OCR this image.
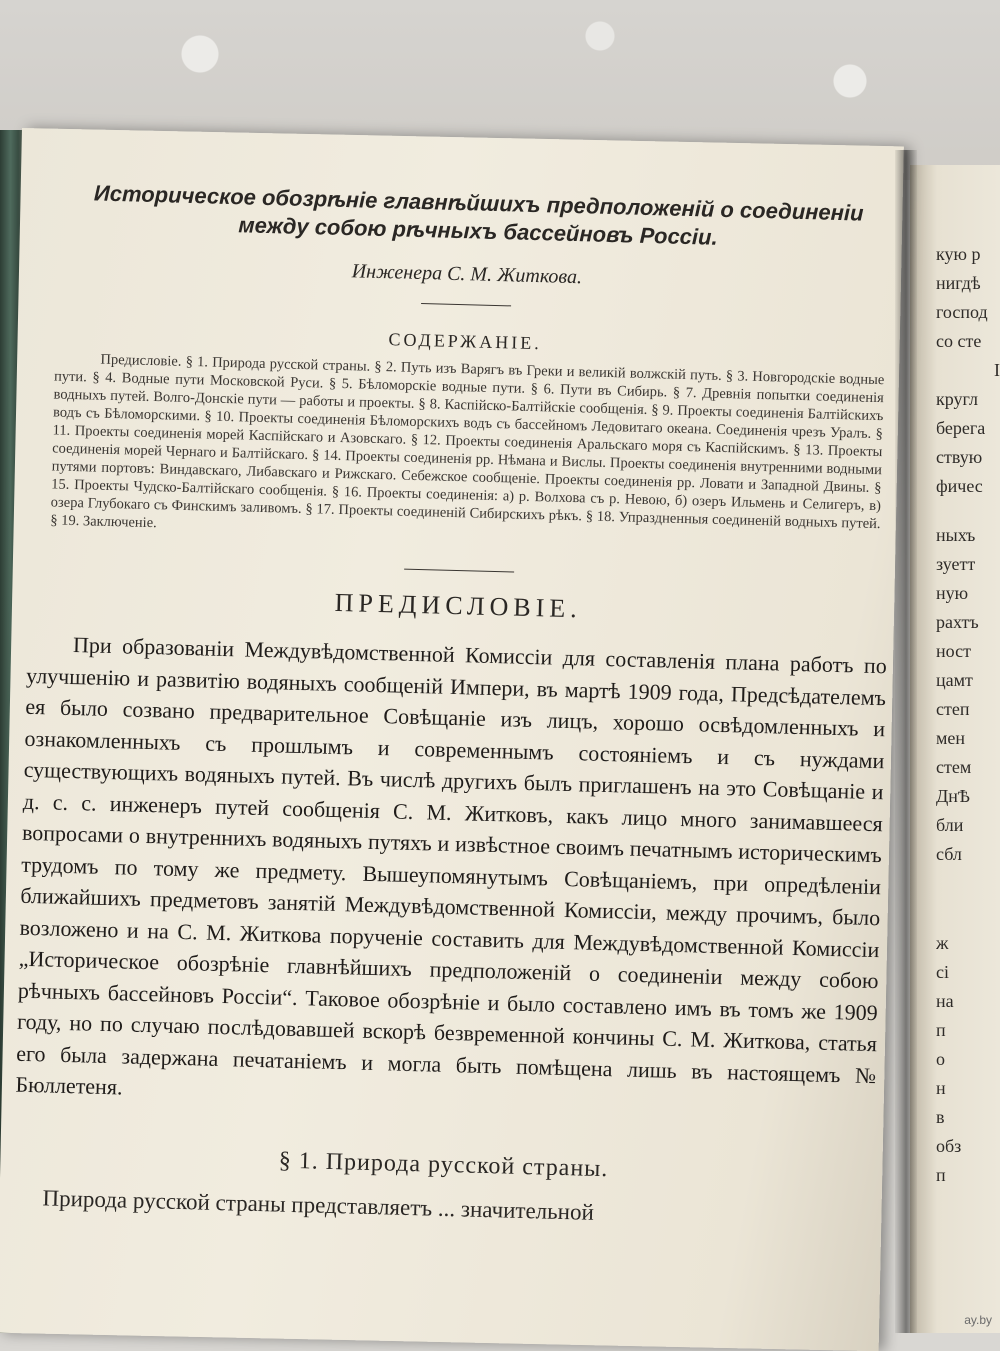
Историческое обозрѣнiе главнѣйшихъ предположенiй о соединенiи между собою рѣчныхъ бассейновъ Россiи.
Инженера С. М. Житкова.
СОДЕРЖАНIЕ.
Предисловiе. § 1. Природа русской страны. § 2. Путь изъ Варягъ въ Греки и великiй волжскiй путь. § 3. Новгородскiе водные пути. § 4. Водные пути Московской Руси. § 5. Бѣломорскiе водные пути. § 6. Пути въ Сибирь. § 7. Древнiя попытки соединенiя водныхъ путей. Волго-Донскiе пути — работы и проекты. § 8. Каспiйско-Балтiйскiе сообщенiя. § 9. Проекты соединенiя Балтiйскихъ водъ съ Бѣломорскими. § 10. Проекты соединенiя Бѣломорскихъ водъ съ бассейномъ Ледовитаго океана. Соединенiя чрезъ Уралъ. § 11. Проекты соединенiя морей Каспiйскаго и Азовскаго. § 12. Проекты соединенiя Аральскаго моря съ Каспiйскимъ. § 13. Проекты соединенiя морей Чернаго и Балтiйскаго. § 14. Проекты соединенiя рр. Нѣмана и Вислы. Проекты соединенiя внутренними водными путями портовъ: Виндавскаго, Либавскаго и Рижскаго. Себежское сообщенiе. Проекты соединенiя рр. Ловати и Западной Двины. § 15. Проекты Чудско-Балтiйскаго сообщенiя. § 16. Проекты соединенiя: а) р. Волхова съ р. Невою, б) озеръ Ильмень и Селигеръ, в) озера Глубокаго съ Финскимъ заливомъ. § 17. Проекты соединенiй Сибирскихъ рѣкъ. § 18. Упраздненныя соединенiй водныхъ путей. § 19. Заключенiе.
ПРЕДИСЛОВIЕ.
При образованiи Междувѣдомственной Комиссiи для составленiя плана работъ по улучшенiю и развитiю водяныхъ сообщенiй Импери, въ мартѣ 1909 года, Предсѣдателемъ ея было созвано предварительное Совѣщанiе изъ лицъ, хорошо освѣдомленныхъ и ознакомленныхъ съ прошлымъ и современнымъ состоянiемъ и съ нуждами существующихъ водяныхъ путей. Въ числѣ другихъ былъ приглашенъ на это Совѣщанiе и д. с. с. инженеръ путей сообщенiя С. М. Житковъ, какъ лицо много занимавшееся вопросами о внутреннихъ водяныхъ путяхъ и извѣстное своимъ печатнымъ историческимъ трудомъ по тому же предмету. Вышеупомянутымъ Совѣщанiемъ, при опредѣленiи ближайшихъ предметовъ занятiй Междувѣдомственной Комиссiи, между прочимъ, было возложено и на С. М. Житкова порученiе составить для Междувѣдомственной Комиссiи „Историческое обозрѣнiе главнѣйшихъ предположенiй о соединенiи между собою рѣчныхъ бассейновъ Россiи“. Таковое обозрѣнiе и было составлено имъ въ томъ же 1909 году, но по случаю послѣдовавшей вскорѣ безвременной кончины С. М. Житкова, статья его была задержана печатанiемъ и могла быть помѣщена лишь въ настоящемъ № Бюллетеня.
§ 1. Природа русской страны.
Природа русской страны представляетъ ... значительной
кую р
нигдѣ
господ
со сте
I
кругл
берега
ствую
фичес
ныхъ
зуетт
ную
рахтъ
ност
цамт
степ
мен
стем
ДнѢ
бли
сбл
ж
сі
на
п
о
н
в
обз
п
ay.by
